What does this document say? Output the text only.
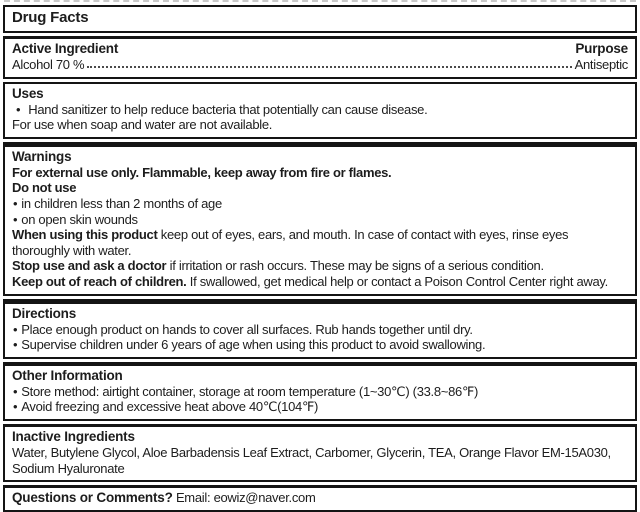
Drug Facts
Active Ingredient	Purpose
Alcohol 70 %	Antiseptic
Uses
• Hand sanitizer to help reduce bacteria that potentially can cause disease.
For use when soap and water are not available.
Warnings
For external use only. Flammable, keep away from fire or flames.
Do not use
• in children less than 2 months of age
• on open skin wounds
When using this product keep out of eyes, ears, and mouth. In case of contact with eyes, rinse eyes thoroughly with water.
Stop use and ask a doctor if irritation or rash occurs. These may be signs of a serious condition.
Keep out of reach of children. If swallowed, get medical help or contact a Poison Control Center right away.
Directions
• Place enough product on hands to cover all surfaces. Rub hands together until dry.
• Supervise children under 6 years of age when using this product to avoid swallowing.
Other Information
• Store method: airtight container, storage at room temperature (1~30℃) (33.8~86℉)
• Avoid freezing and excessive heat above 40℃(104℉)
Inactive Ingredients
Water, Butylene Glycol, Aloe Barbadensis Leaf Extract, Carbomer, Glycerin, TEA, Orange Flavor EM-15A030, Sodium Hyaluronate
Questions or Comments? Email: eowiz@naver.com
